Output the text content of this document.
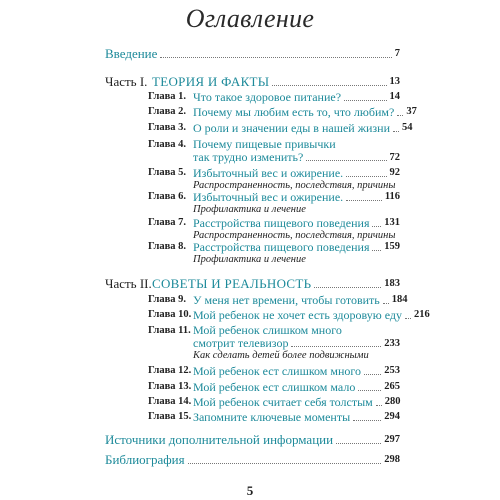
Оглавление
Введение	7
Часть I. ТЕОРИЯ И ФАКТЫ	13
Глава 1. Что такое здоровое питание?	14
Глава 2. Почему мы любим есть то, что любим? 37
Глава 3. О роли и значении еды в нашей жизни 54
Глава 4. Почему пищевые привычки
так трудно изменить?	72
Глава 5. Избыточный вес и ожирение.	92
Распространенность, последствия, причины
Глава 6. Избыточный вес и ожирение.	116
Профилактика и лечение
Глава 7. Расстройства пищевого поведения 131
Распространенность, последствия, причины
Глава 8. Расстройства пищевого поведения 159
Профилактика и лечение
Часть II. СОВЕТЫ И РЕАЛЬНОСТЬ	183
Глава 9. У меня нет времени, чтобы готовить 184
Глава 10. Мой ребенок не хочет есть здоровую еду 216
Глава 11. Мой ребенок слишком много
смотрит телевизор	233
Как сделать детей более подвижными
Глава 12. Мой ребенок ест слишком много 253
Глава 13. Мой ребенок ест слишком мало	265
Глава 14. Мой ребенок считает себя толстым 280
Глава 15. Запомните ключевые моменты	294
Источники дополнительной информации	297
Библиография	298
5
